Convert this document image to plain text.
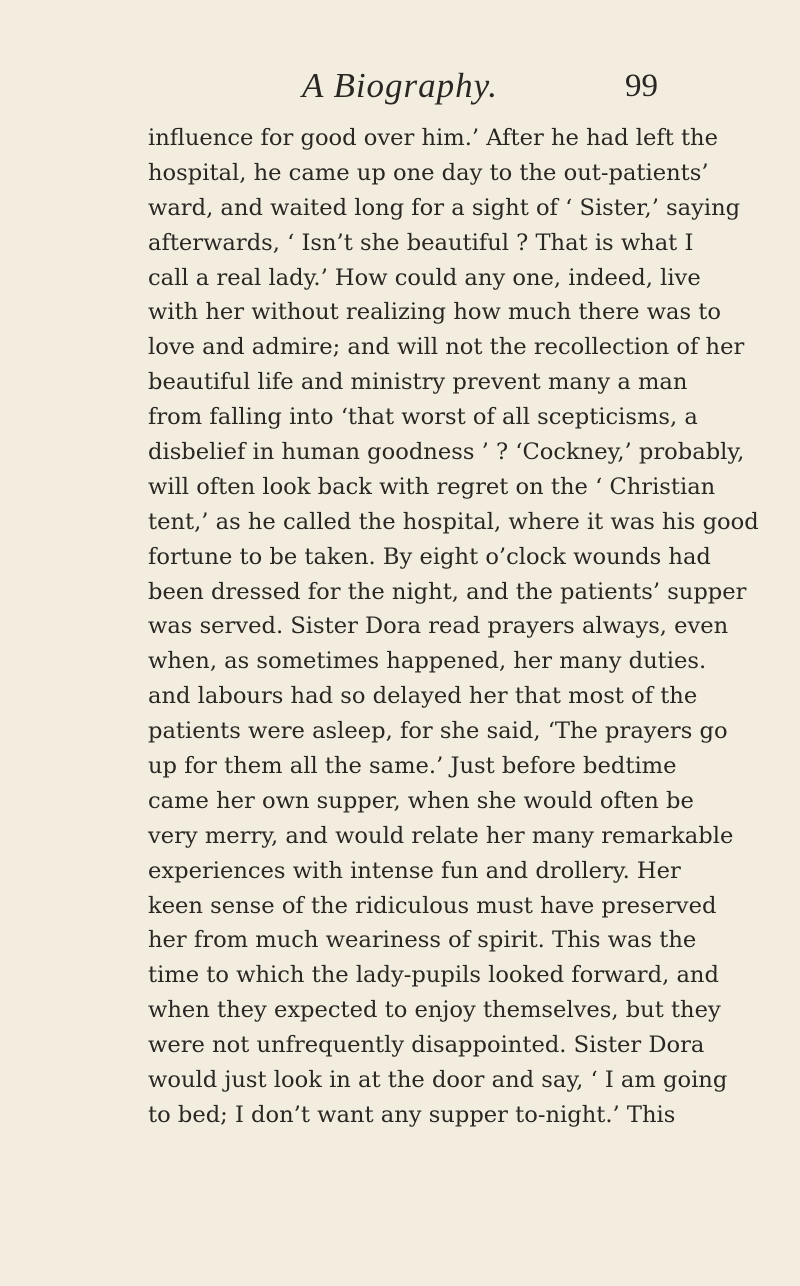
A Biography.	99
influence for good over him.’ After he had left the
hospital, he came up one day to the out-patients’
ward, and waited long for a sight of ‘ Sister,’ saying
afterwards, ‘ Isn’t she beautiful ? That is what I
call a real lady.’ How could any one, indeed, live
with her without realizing how much there was to
love and admire; and will not the recollection of her
beautiful life and ministry prevent many a man
from falling into ‘that worst of all scepticisms, a
disbelief in human goodness ’ ? ‘Cockney,’ probably,
will often look back with regret on the ‘ Christian
tent,’ as he called the hospital, where it was his good
fortune to be taken. By eight o’clock wounds had
been dressed for the night, and the patients’ supper
was served. Sister Dora read prayers always, even
when, as sometimes happened, her many duties.
and labours had so delayed her that most of the
patients were asleep, for she said, ‘The prayers go
up for them all the same.’ Just before bedtime
came her own supper, when she would often be
very merry, and would relate her many remarkable
experiences with intense fun and drollery. Her
keen sense of the ridiculous must have preserved
her from much weariness of spirit. This was the
time to which the lady-pupils looked forward, and
when they expected to enjoy themselves, but they
were not unfrequently disappointed. Sister Dora
would just look in at the door and say, ‘ I am going
to bed; I don’t want any supper to-night.’ This
